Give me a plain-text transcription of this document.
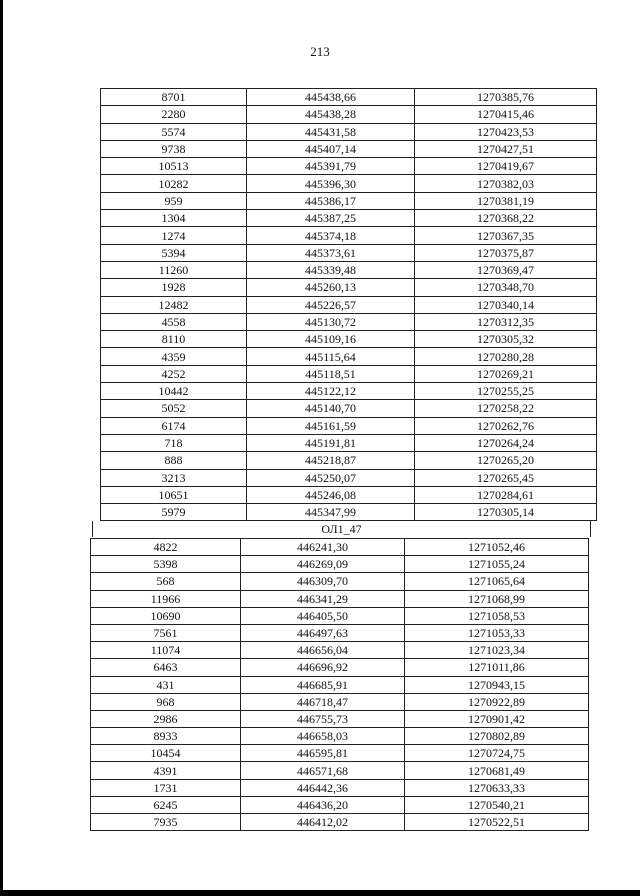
213
8701	445438,66	1270385,76
2280	445438,28	1270415,46
5574	445431,58	1270423,53
9738	445407,14	1270427,51
10513	445391,79	1270419,67
10282	445396,30	1270382,03
959	445386,17	1270381,19
1304	445387,25	1270368,22
1274	445374,18	1270367,35
5394	445373,61	1270375,87
11260	445339,48	1270369,47
1928	445260,13	1270348,70
12482	445226,57	1270340,14
4558	445130,72	1270312,35
8110	445109,16	1270305,32
4359	445115,64	1270280,28
4252	445118,51	1270269,21
10442	445122,12	1270255,25
5052	445140,70	1270258,22
6174	445161,59	1270262,76
718	445191,81	1270264,24
888	445218,87	1270265,20
3213	445250,07	1270265,45
10651	445246,08	1270284,61
5979	445347,99	1270305,14
ОЛ1_47
4822	446241,30	1271052,46
5398	446269,09	1271055,24
568	446309,70	1271065,64
11966	446341,29	1271068,99
10690	446405,50	1271058,53
7561	446497,63	1271053,33
11074	446656,04	1271023,34
6463	446696,92	1271011,86
431	446685,91	1270943,15
968	446718,47	1270922,89
2986	446755,73	1270901,42
8933	446658,03	1270802,89
10454	446595,81	1270724,75
4391	446571,68	1270681,49
1731	446442,36	1270633,33
6245	446436,20	1270540,21
7935	446412,02	1270522,51
